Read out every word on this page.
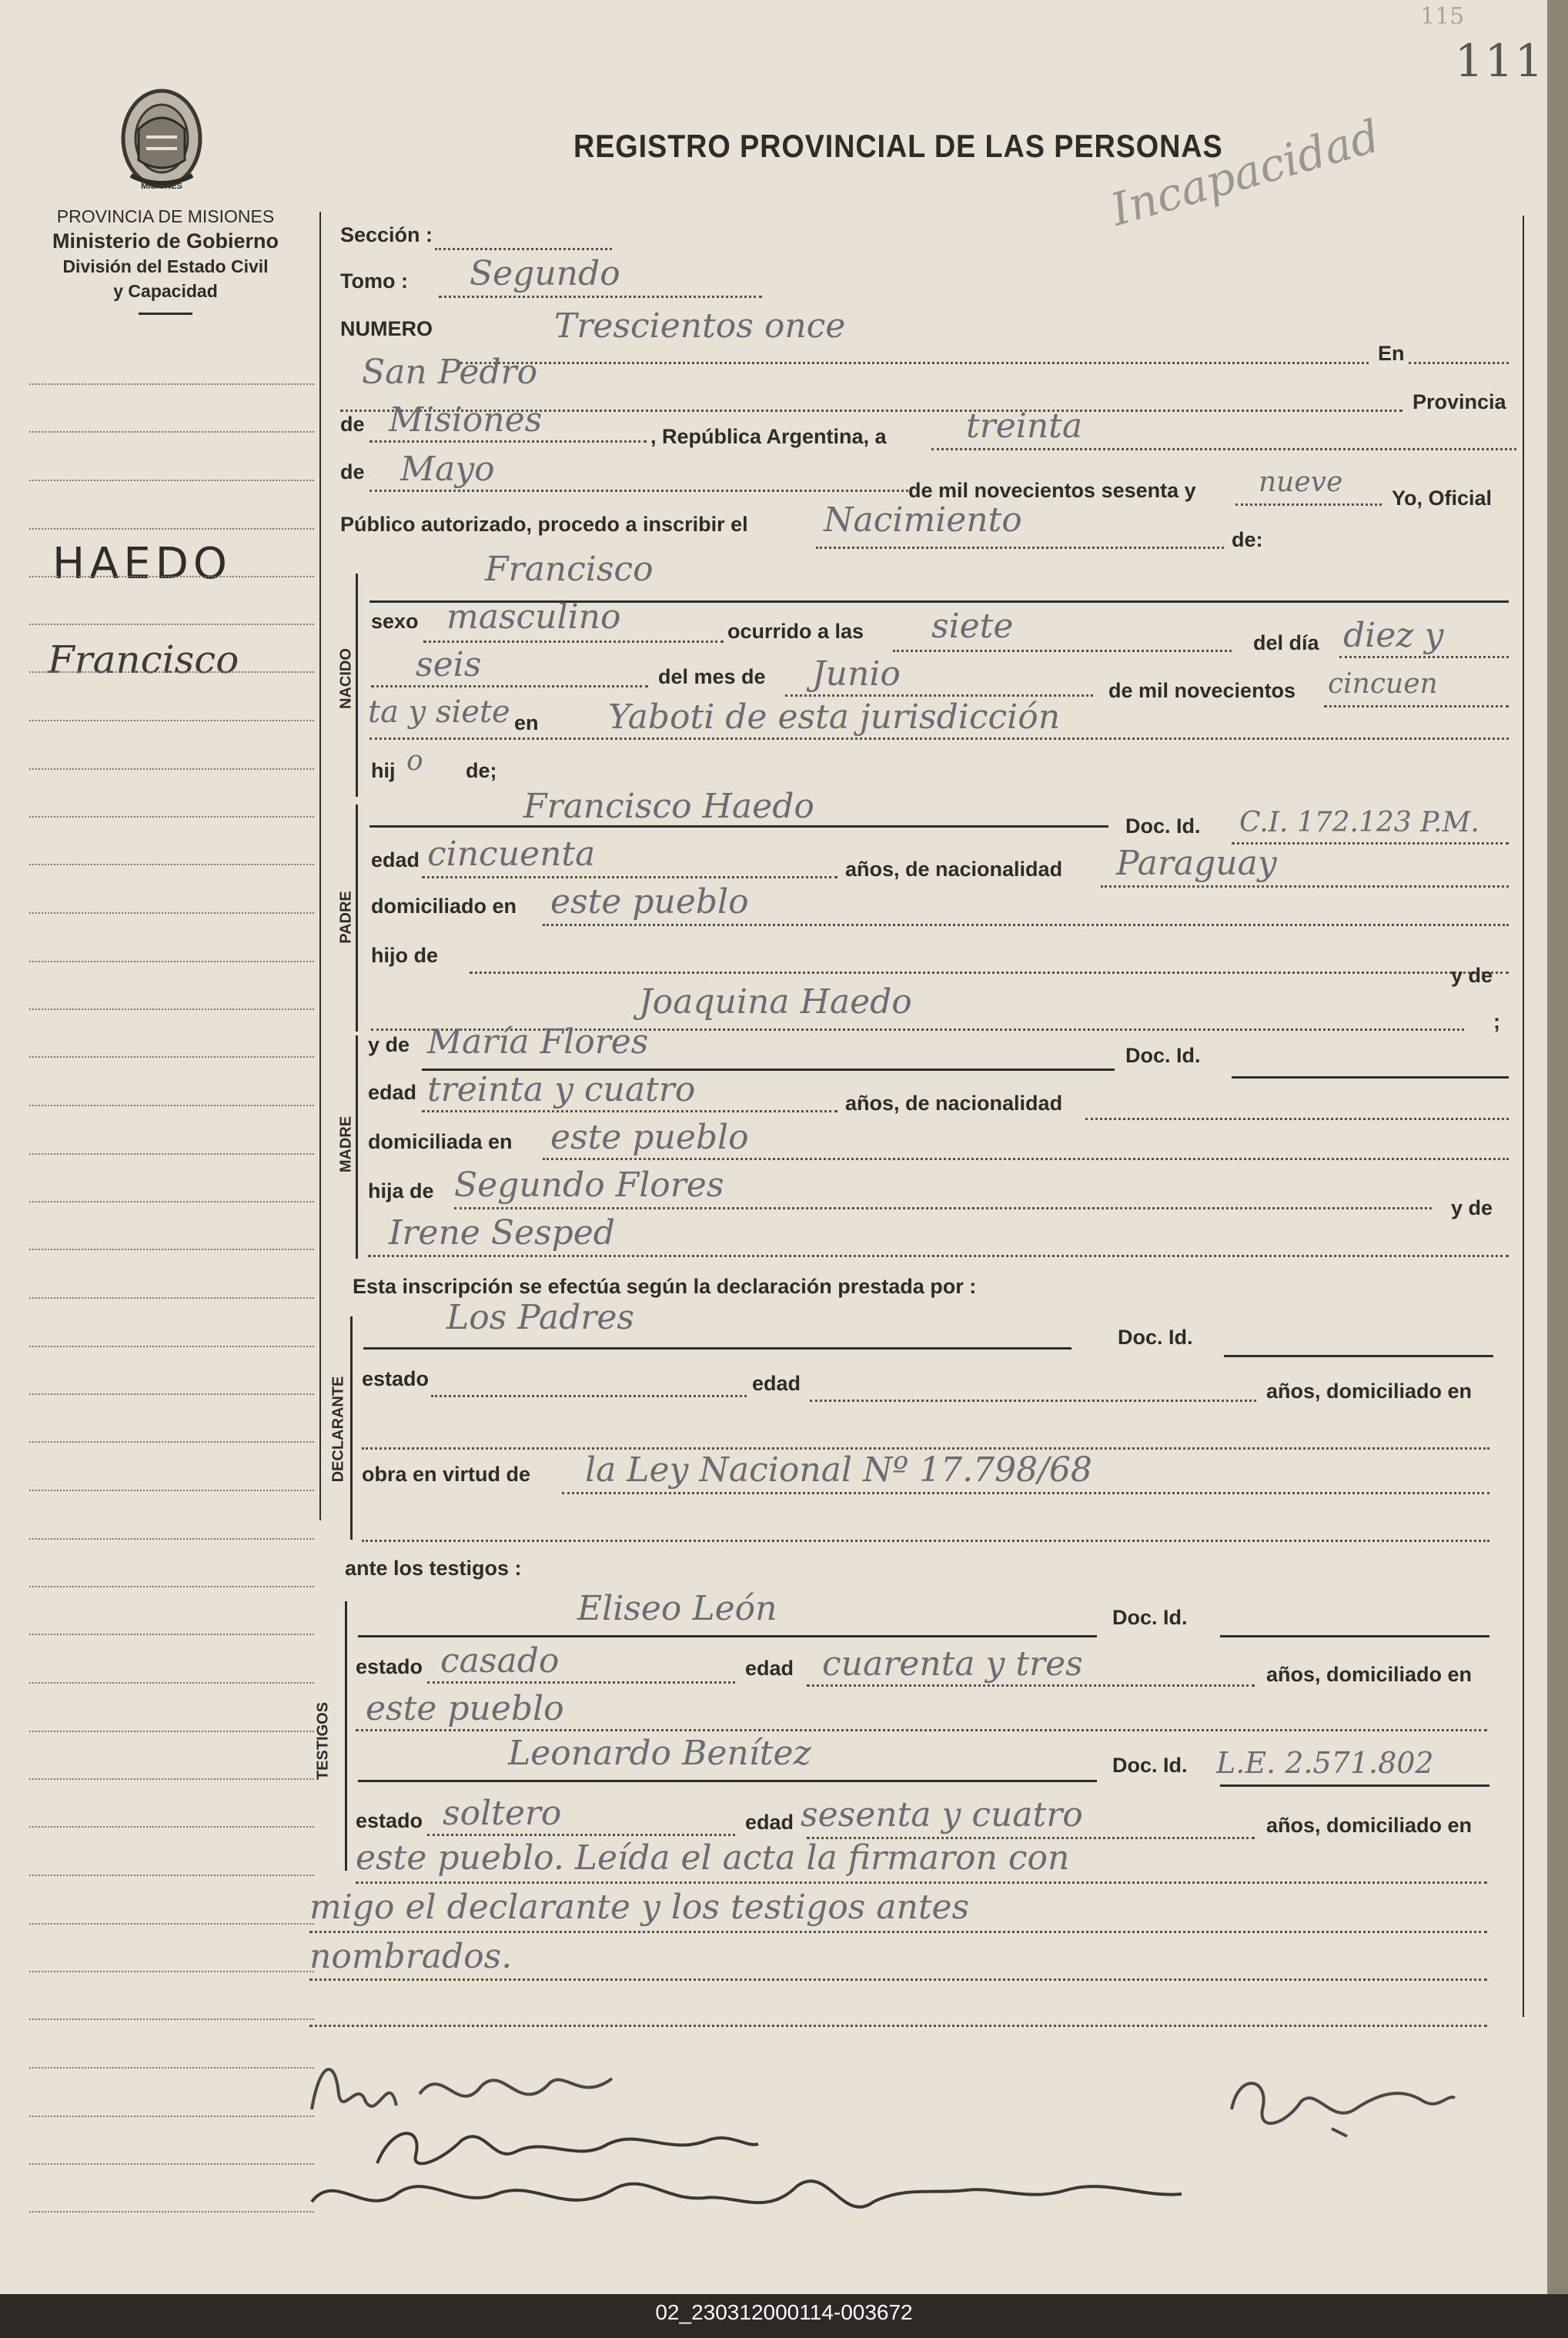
115
111
MISIONES
PROVINCIA DE MISIONES
Ministerio de Gobierno
División del Estado Civil
y Capacidad
REGISTRO PROVINCIAL DE LAS PERSONAS
Incapacidad
HAEDO
Francisco
Sección :
Tomo : Segundo
NUMERO	Trescientos once
En
San Pedro
Provincia
de Misiones	, República Argentina, a treinta
de Mayo
de mil novecientos sesenta y nueve Yo, Oficial
Público autorizado, procedo a inscribir el Nacimiento	de:
NACIDO
Francisco
sexo masculino	ocurrido a las siete	del día diez y
seis	del mes de Junio	de mil novecientos cincuen
ta y siete en Yaboti de esta jurisdicción
hij o de;
PADRE
Francisco Haedo	Doc. Id. C.I. 172.123 P.M.
edad cincuenta	años, de nacionalidad Paraguay
domiciliado en este pueblo
hijo de
y de
Joaquina Haedo	;
MADRE
y de María Flores	Doc. Id.
edad treinta y cuatro	años, de nacionalidad
domiciliada en este pueblo
hija de Segundo Flores
y de
Irene Sesped
Esta inscripción se efectúa según la declaración prestada por :
DECLARANTE
Los Padres	Doc. Id.
estado	edad	años, domiciliado en
obra en virtud de la Ley Nacional Nº 17.798/68
ante los testigos :
TESTIGOS
Eliseo León	Doc. Id.
estado casado	edad cuarenta y tres	años, domiciliado en
este pueblo
Leonardo Benítez	Doc. Id. L.E. 2.571.802
estado soltero	edad sesenta y cuatro	años, domiciliado en
este pueblo. Leída el acta la firmaron con
migo el declarante y los testigos antes
nombrados.
02_230312000114-003672
